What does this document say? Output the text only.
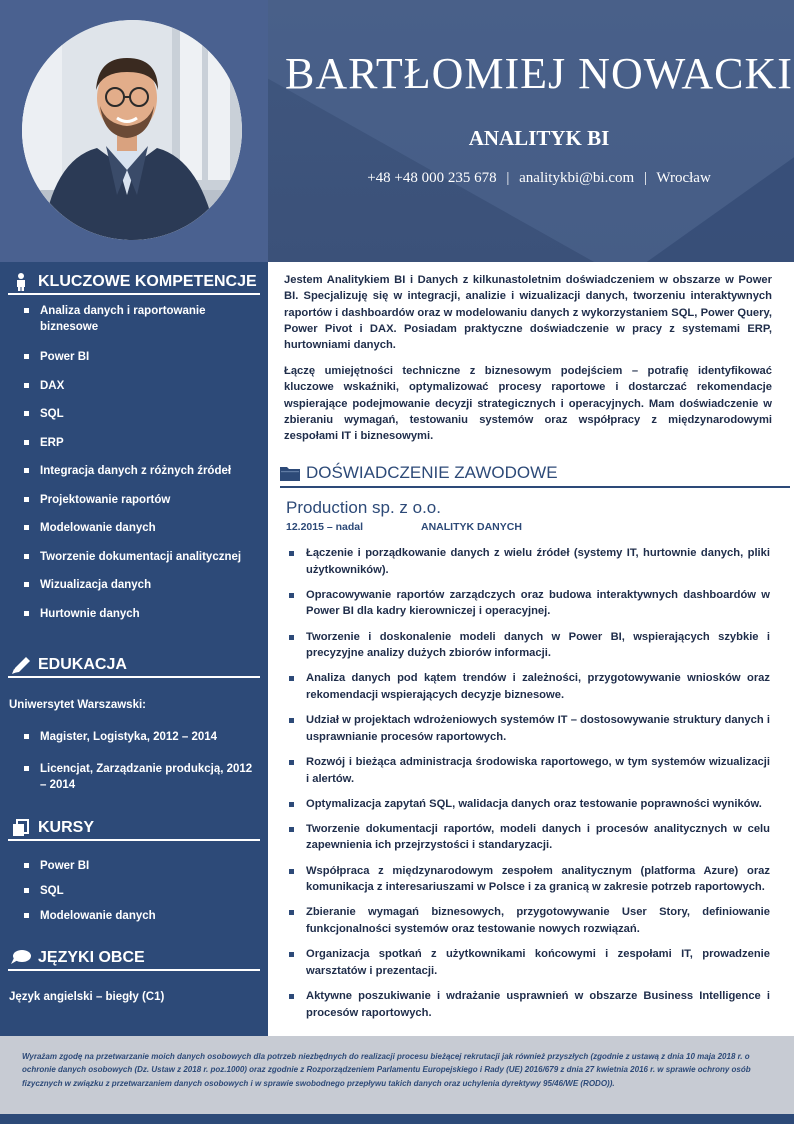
BARTŁOMIEJ NOWACKI
ANALITYK BI
+48 +48 000 235 678 | analitykbi@bi.com | Wrocław
KLUCZOWE KOMPETENCJE
Analiza danych i raportowanie biznesowe
Power BI
DAX
SQL
ERP
Integracja danych z różnych źródeł
Projektowanie raportów
Modelowanie danych
Tworzenie dokumentacji analitycznej
Wizualizacja danych
Hurtownie danych
EDUKACJA
Uniwersytet Warszawski:
Magister, Logistyka, 2012 – 2014
Licencjat, Zarządzanie produkcją, 2012 – 2014
KURSY
Power BI
SQL
Modelowanie danych
JĘZYKI OBCE
Język angielski – biegły (C1)

Jestem Analitykiem BI i Danych z kilkunastoletnim doświadczeniem w obszarze w Power BI. Specjalizuję się w integracji, analizie i wizualizacji danych, tworzeniu interaktywnych raportów i dashboardów oraz w modelowaniu danych z wykorzystaniem SQL, Power Query, Power Pivot i DAX. Posiadam praktyczne doświadczenie w pracy z systemami ERP, hurtowniami danych.

Łączę umiejętności techniczne z biznesowym podejściem – potrafię identyfikować kluczowe wskaźniki, optymalizować procesy raportowe i dostarczać rekomendacje wspierające podejmowanie decyzji strategicznych i operacyjnych. Mam doświadczenie w zbieraniu wymagań, testowaniu systemów oraz współpracy z międzynarodowymi zespołami IT i biznesowymi.

DOŚWIADCZENIE ZAWODOWE
Production sp. z o.o.
12.2015 – nadal	ANALITYK DANYCH
Łączenie i porządkowanie danych z wielu źródeł (systemy IT, hurtownie danych, pliki użytkowników).
Opracowywanie raportów zarządczych oraz budowa interaktywnych dashboardów w Power BI dla kadry kierowniczej i operacyjnej.
Tworzenie i doskonalenie modeli danych w Power BI, wspierających szybkie i precyzyjne analizy dużych zbiorów informacji.
Analiza danych pod kątem trendów i zależności, przygotowywanie wniosków oraz rekomendacji wspierających decyzje biznesowe.
Udział w projektach wdrożeniowych systemów IT – dostosowywanie struktury danych i usprawnianie procesów raportowych.
Rozwój i bieżąca administracja środowiska raportowego, w tym systemów wizualizacji i alertów.
Optymalizacja zapytań SQL, walidacja danych oraz testowanie poprawności wyników.
Tworzenie dokumentacji raportów, modeli danych i procesów analitycznych w celu zapewnienia ich przejrzystości i standaryzacji.
Współpraca z międzynarodowym zespołem analitycznym (platforma Azure) oraz komunikacja z interesariuszami w Polsce i za granicą w zakresie potrzeb raportowych.
Zbieranie wymagań biznesowych, przygotowywanie User Story, definiowanie funkcjonalności systemów oraz testowanie nowych rozwiązań.
Organizacja spotkań z użytkownikami końcowymi i zespołami IT, prowadzenie warsztatów i prezentacji.
Aktywne poszukiwanie i wdrażanie usprawnień w obszarze Business Intelligence i procesów raportowych.

Wyrażam zgodę na przetwarzanie moich danych osobowych dla potrzeb niezbędnych do realizacji procesu bieżącej rekrutacji jak również przyszłych (zgodnie z ustawą z dnia 10 maja 2018 r. o ochronie danych osobowych (Dz. Ustaw z 2018 r. poz.1000) oraz zgodnie z Rozporządzeniem Parlamentu Europejskiego i Rady (UE) 2016/679 z dnia 27 kwietnia 2016 r. w sprawie ochrony osób fizycznych w związku z przetwarzaniem danych osobowych i w sprawie swobodnego przepływu takich danych oraz uchylenia dyrektywy 95/46/WE (RODO)).
